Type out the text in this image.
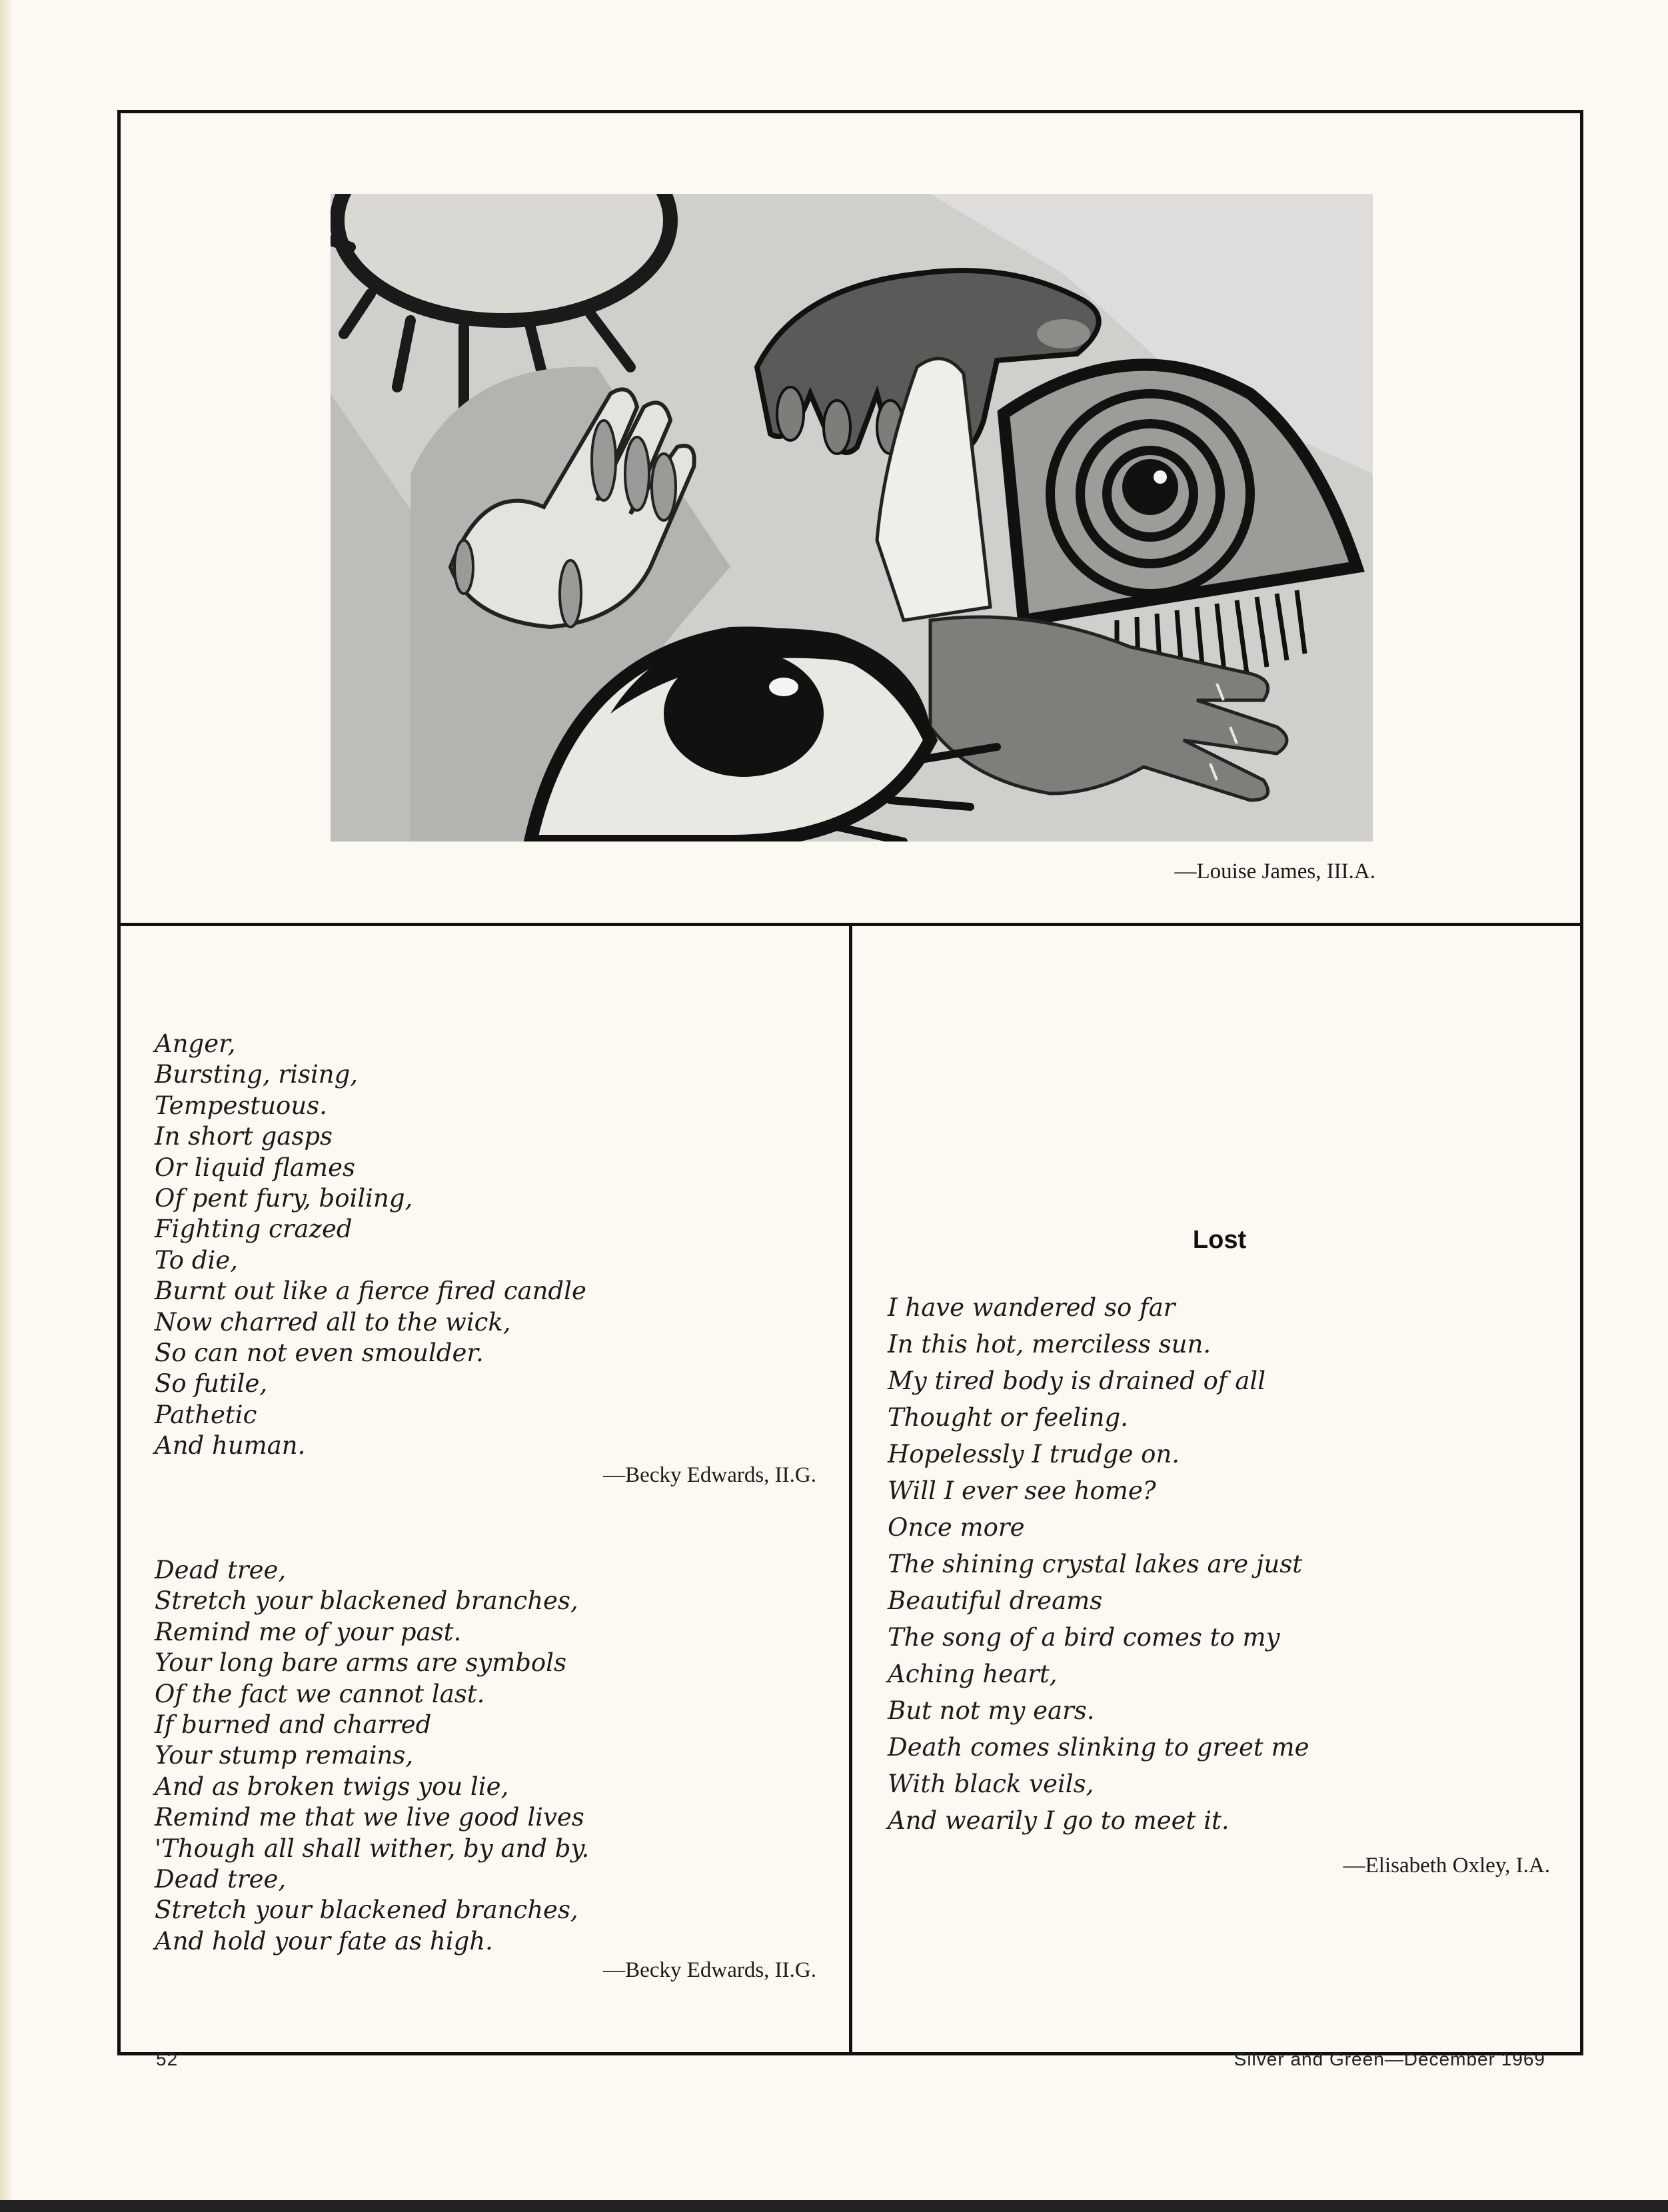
—Louise James, III.A.
Anger,
Bursting, rising,
Tempestuous.
In short gasps
Or liquid flames
Of pent fury, boiling,
Fighting crazed
To die,
Burnt out like a fierce fired candle
Now charred all to the wick,
So can not even smoulder.
So futile,
Pathetic
And human.
—Becky Edwards, II.G.
Dead tree,
Stretch your blackened branches,
Remind me of your past.
Your long bare arms are symbols
Of the fact we cannot last.
If burned and charred
Your stump remains,
And as broken twigs you lie,
Remind me that we live good lives
'Though all shall wither, by and by.
Dead tree,
Stretch your blackened branches,
And hold your fate as high.
—Becky Edwards, II.G.
Lost
I have wandered so far
In this hot, merciless sun.
My tired body is drained of all
Thought or feeling.
Hopelessly I trudge on.
Will I ever see home?
Once more
The shining crystal lakes are just
Beautiful dreams
The song of a bird comes to my
Aching heart,
But not my ears.
Death comes slinking to greet me
With black veils,
And wearily I go to meet it.
—Elisabeth Oxley, I.A.
52	Silver and Green—December 1969
